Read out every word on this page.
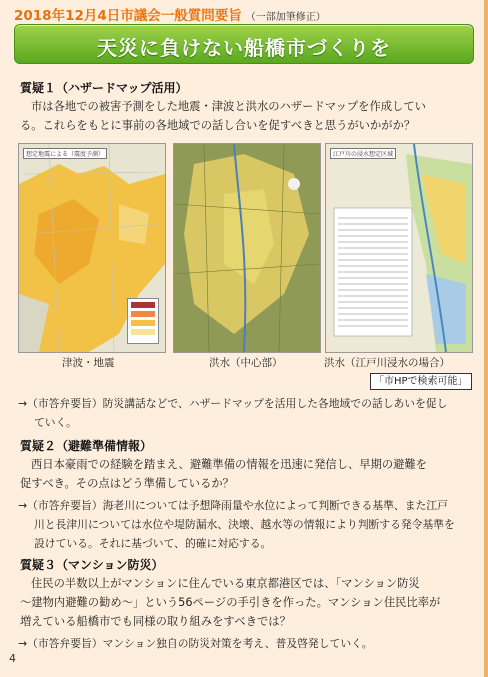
2018年12月4日市議会一般質問要旨 （一部加筆修正）
天災に負けない船橋市づくりを
質疑１（ハザードマップ活用）
市は各地での被害予測をした地震・津波と洪水のハザードマップを作成してい
る。これらをもとに事前の各地域での話し合いを促すべきと思うがいかがか？
想定地震による（震度予測）	江戸川の浸水想定区域
津波・地震	洪水（中心部）	洪水（江戸川浸水の場合）
「市HPで検索可能」
→（市答弁要旨）防災講話などで、ハザードマップを活用した各地域での話しあいを促し
ていく。
質疑２（避難準備情報）
西日本豪雨での経験を踏まえ、避難準備の情報を迅速に発信し、早期の避難を
促すべき。その点はどう準備しているか？
→（市答弁要旨）海老川については予想降雨量や水位によって判断できる基準、また江戸
川と長津川については水位や堤防漏水、決壊、越水等の情報により判断する発令基準を
設けている。それに基づいて、的確に対応する。
質疑３（マンション防災）
住民の半数以上がマンションに住んでいる東京都港区では、「マンション防災
～建物内避難の勧め～」という56ページの手引きを作った。マンション住民比率が
増えている船橋市でも同様の取り組みをすべきでは？
→（市答弁要旨）マンション独自の防災対策を考え、普及啓発していく。
4
